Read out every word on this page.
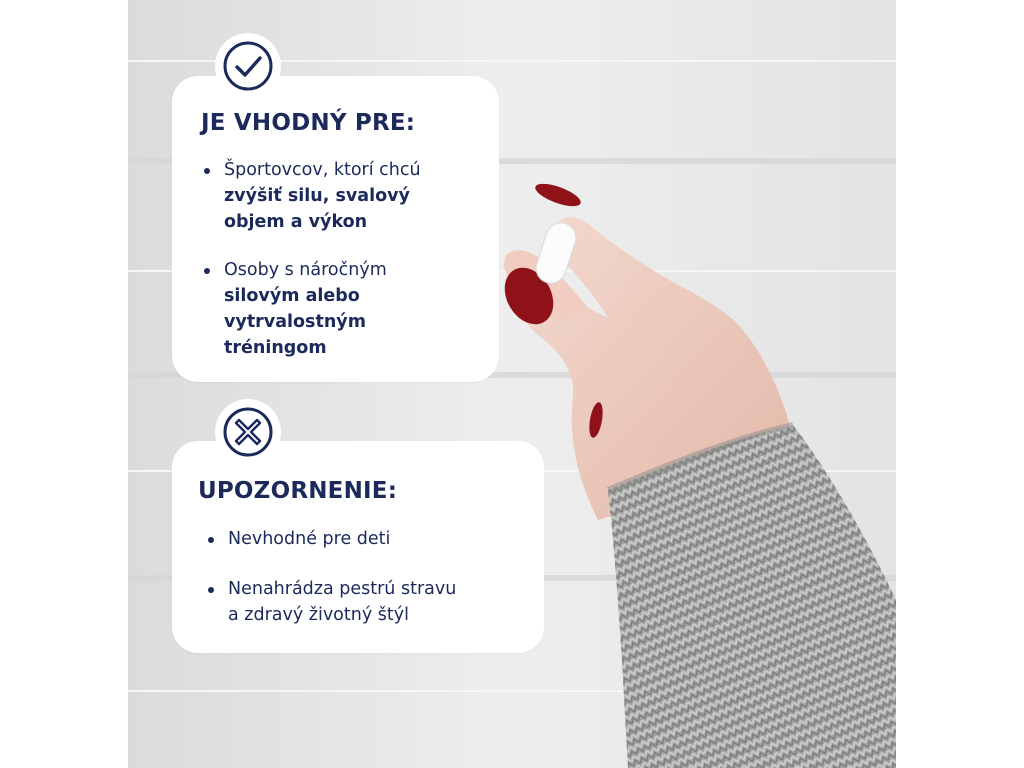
JE VHODNÝ PRE:
Športovcov, ktorí chcú
zvýšiť silu, svalový
objem a výkon
Osoby s náročným
silovým alebo
vytrvalostným
tréningom
UPOZORNENIE:
Nevhodné pre deti
Nenahrádza pestrú stravu
a zdravý životný štýl
